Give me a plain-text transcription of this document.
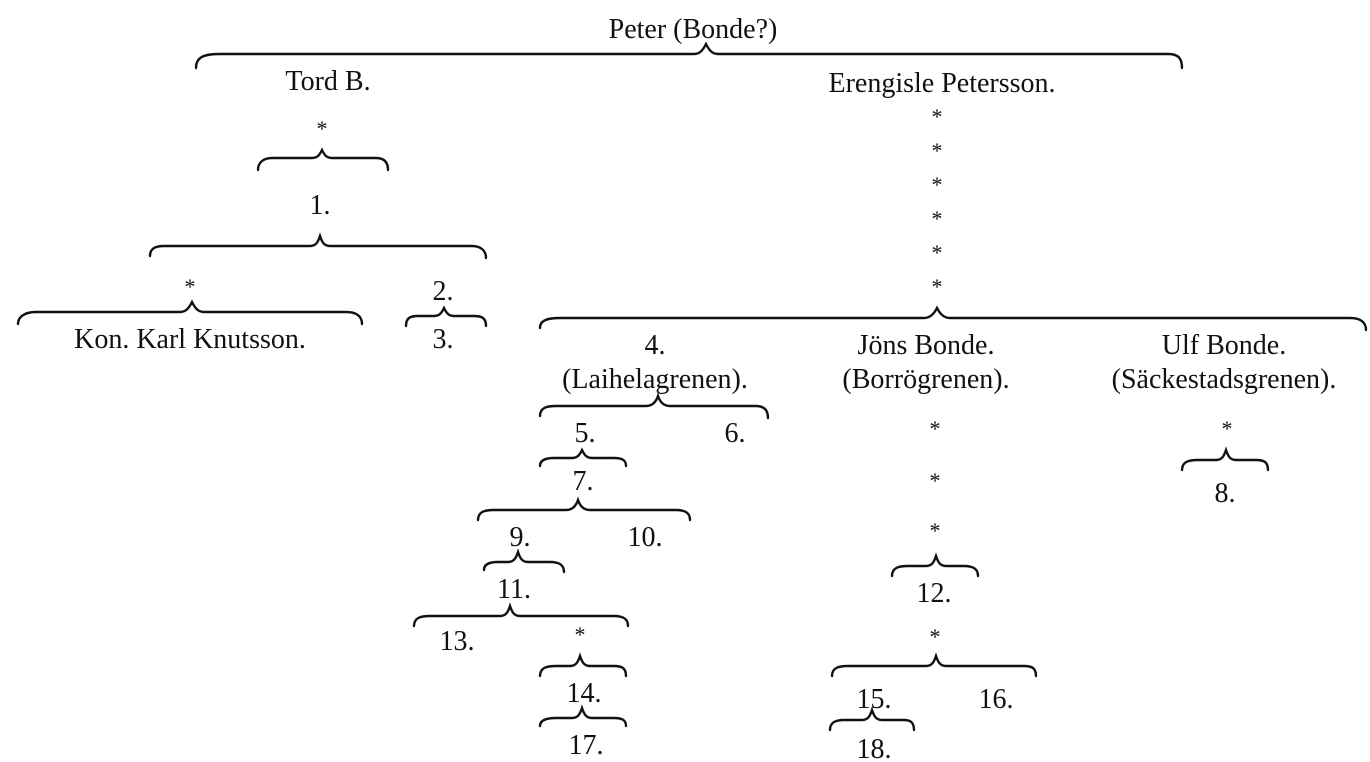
Peter (Bonde?)
Tord B.
*
1.
*	2.
Kon. Karl Knutsson.	3.
Erengisle Petersson.
*
*
*
*
*
*
4.
(Laihelagrenen).
5.	6.
7.
9.	10.
11.
13.	*
14.
17.
Jöns Bonde.
(Borrögrenen).
*
*
*
12.
*
15.	16.
18.
Ulf Bonde.
(Säckestadsgrenen).
*
8.
